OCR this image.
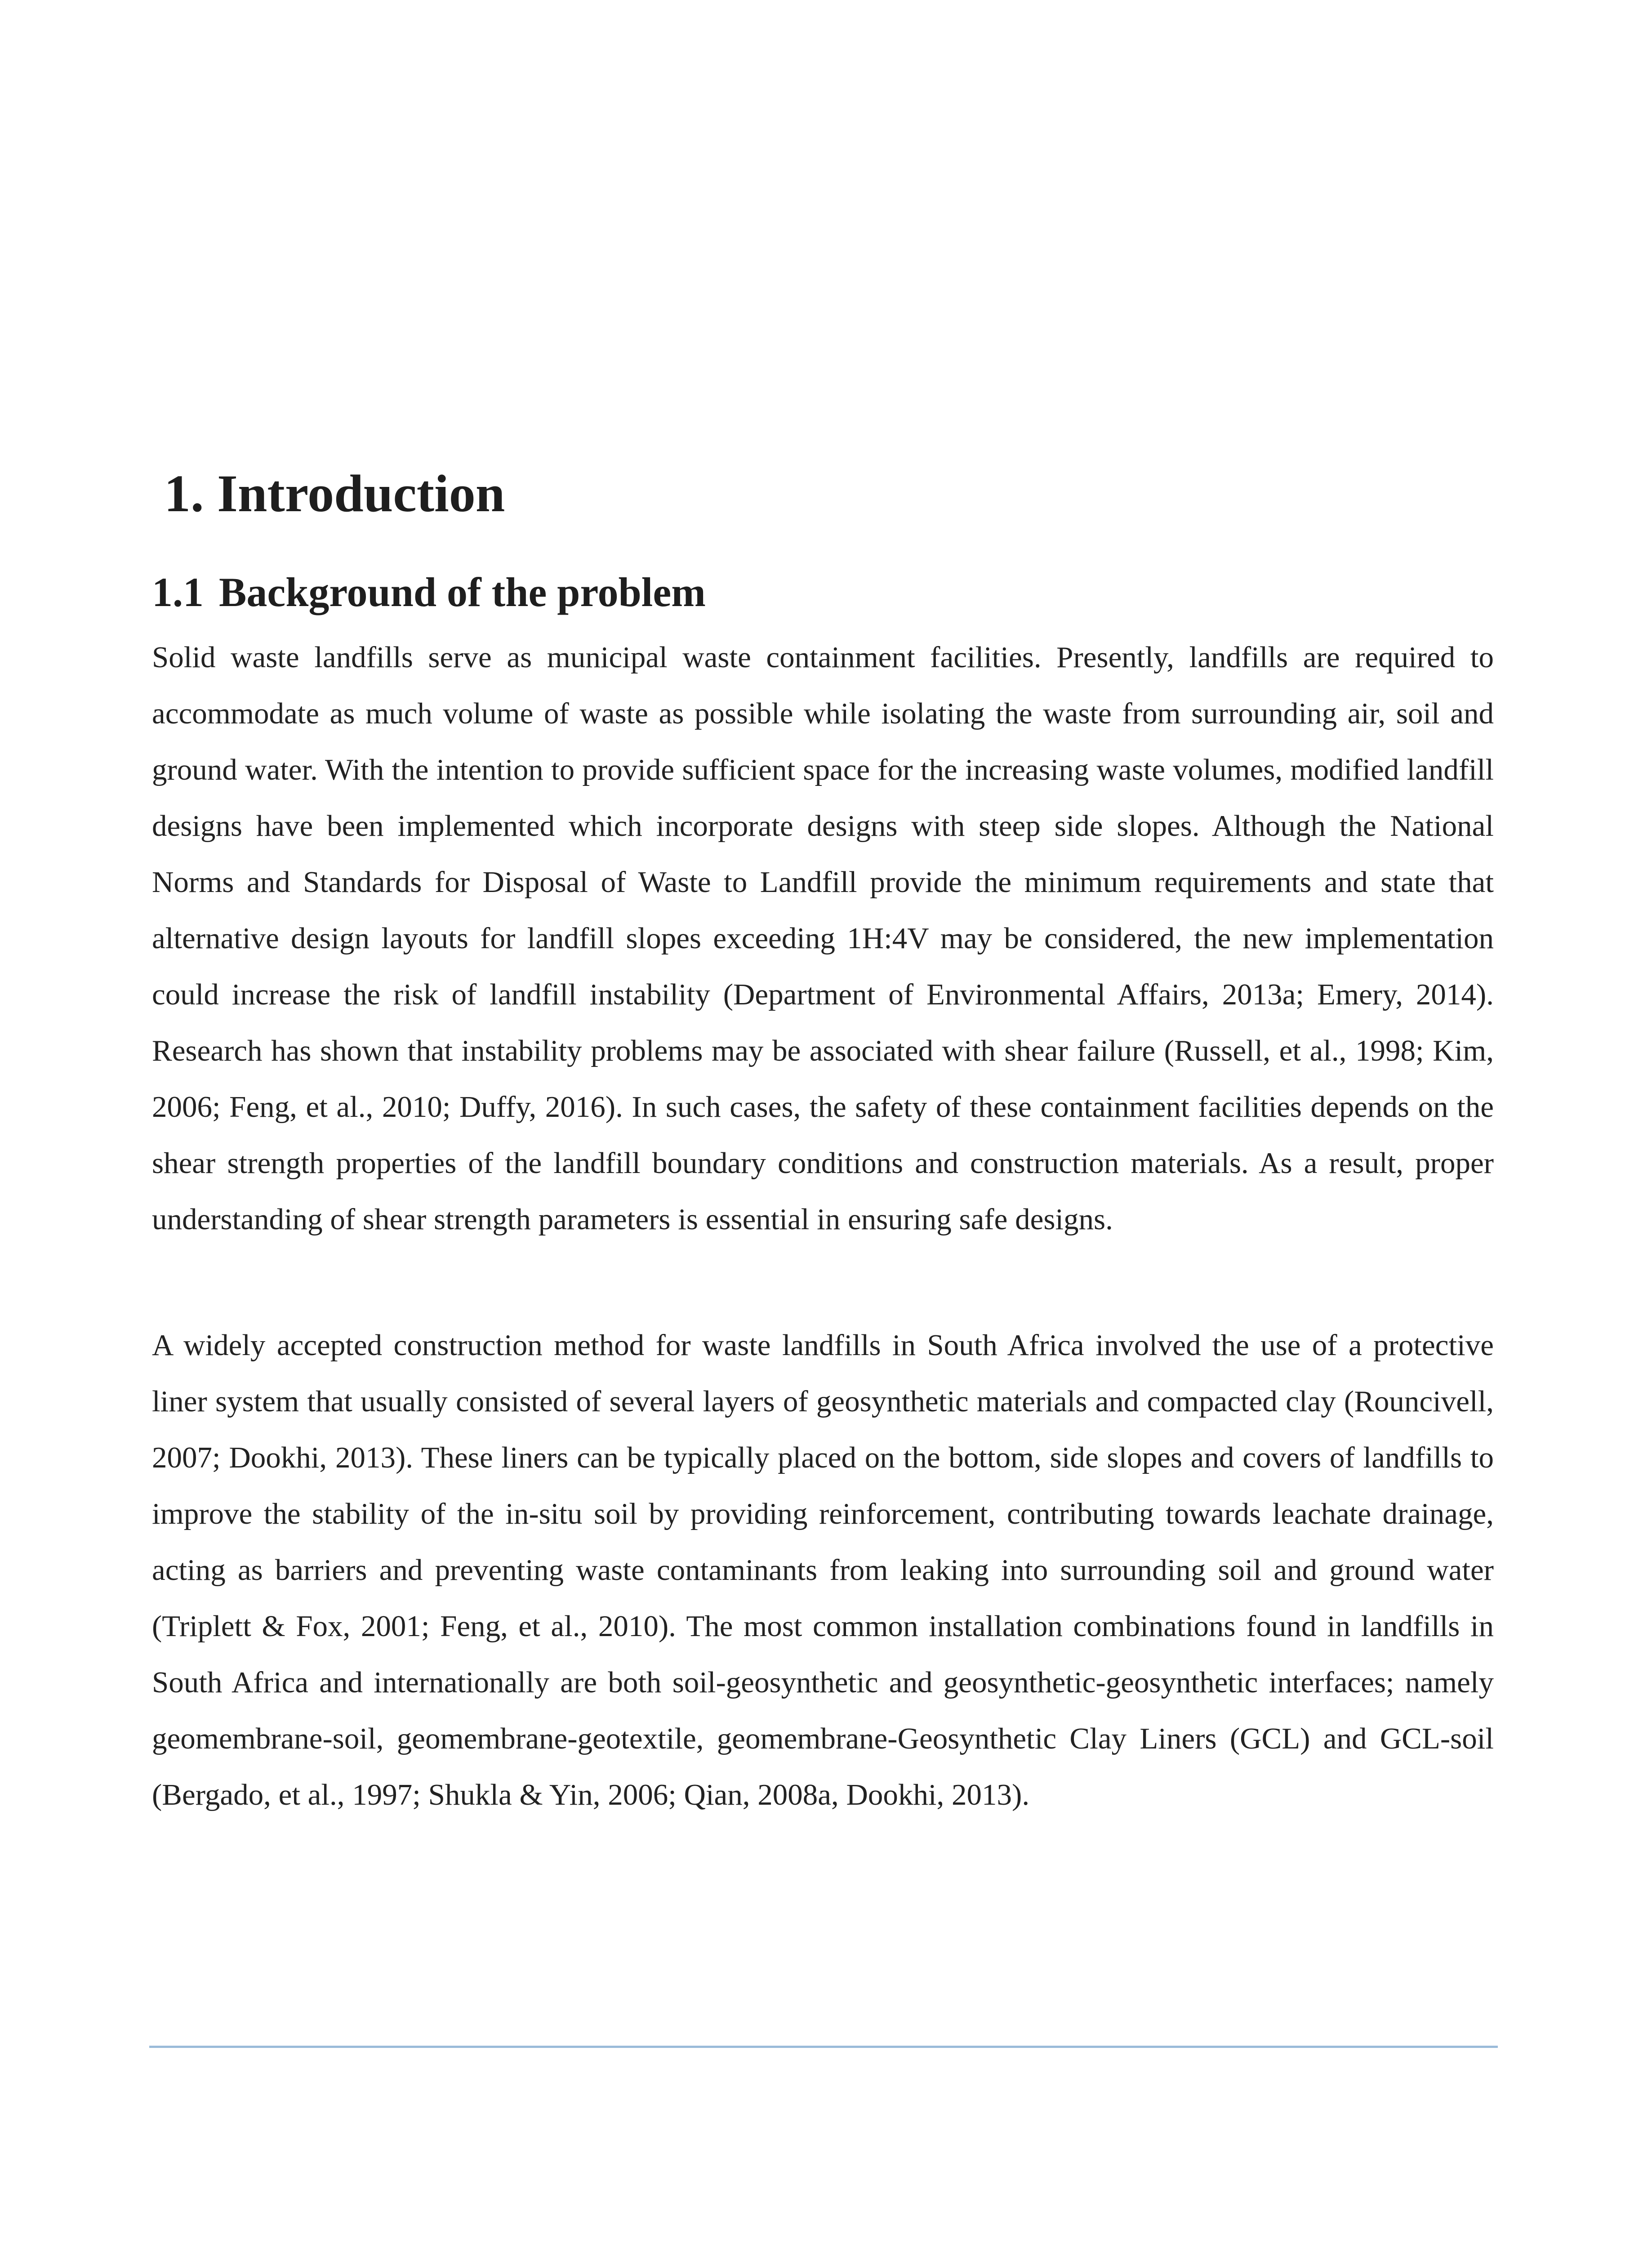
1. Introduction
1.1 Background of the problem

Solid waste landfills serve as municipal waste containment facilities. Presently, landfills are required to accommodate as much volume of waste as possible while isolating the waste from surrounding air, soil and ground water. With the intention to provide sufficient space for the increasing waste volumes, modified landfill designs have been implemented which incorporate designs with steep side slopes. Although the National Norms and Standards for Disposal of Waste to Landfill provide the minimum requirements and state that alternative design layouts for landfill slopes exceeding 1H:4V may be considered, the new implementation could increase the risk of landfill instability (Department of Environmental Affairs, 2013a; Emery, 2014). Research has shown that instability problems may be associated with shear failure (Russell, et al., 1998; Kim, 2006; Feng, et al., 2010; Duffy, 2016). In such cases, the safety of these containment facilities depends on the shear strength properties of the landfill boundary conditions and construction materials. As a result, proper understanding of shear strength parameters is essential in ensuring safe designs.

A widely accepted construction method for waste landfills in South Africa involved the use of a protective liner system that usually consisted of several layers of geosynthetic materials and compacted clay (Rouncivell, 2007; Dookhi, 2013). These liners can be typically placed on the bottom, side slopes and covers of landfills to improve the stability of the in-situ soil by providing reinforcement, contributing towards leachate drainage, acting as barriers and preventing waste contaminants from leaking into surrounding soil and ground water (Triplett & Fox, 2001; Feng, et al., 2010). The most common installation combinations found in landfills in South Africa and internationally are both soil-geosynthetic and geosynthetic-geosynthetic interfaces; namely geomembrane-soil, geomembrane-geotextile, geomembrane-Geosynthetic Clay Liners (GCL) and GCL-soil (Bergado, et al., 1997; Shukla & Yin, 2006; Qian, 2008a, Dookhi, 2013).
